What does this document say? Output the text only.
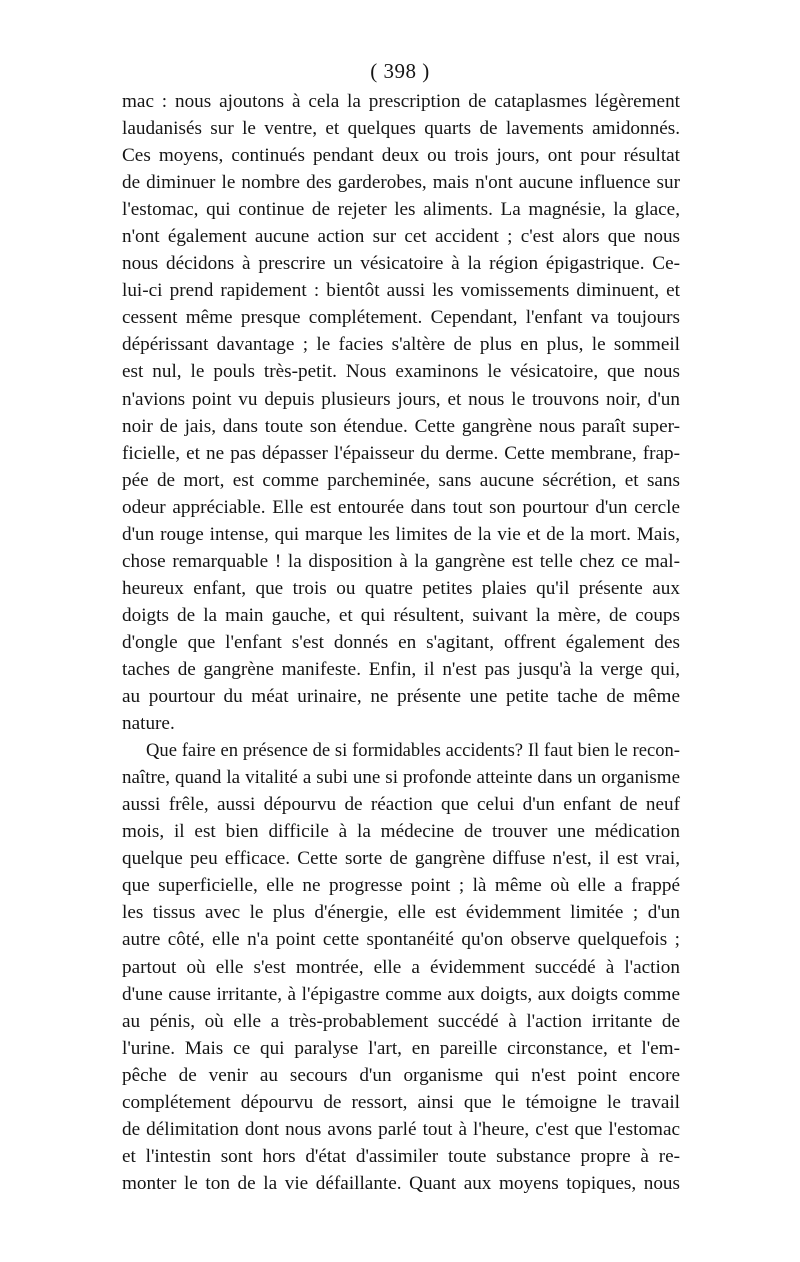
( 398 )
mac : nous ajoutons à cela la prescription de cataplasmes légèrement
laudanisés sur le ventre, et quelques quarts de lavements amidonnés.
Ces moyens, continués pendant deux ou trois jours, ont pour résultat
de diminuer le nombre des garderobes, mais n'ont aucune influence sur
l'estomac, qui continue de rejeter les aliments. La magnésie, la glace,
n'ont également aucune action sur cet accident ; c'est alors que nous
nous décidons à prescrire un vésicatoire à la région épigastrique. Ce-
lui-ci prend rapidement : bientôt aussi les vomissements diminuent, et
cessent même presque complétement. Cependant, l'enfant va toujours
dépérissant davantage ; le facies s'altère de plus en plus, le sommeil
est nul, le pouls très-petit. Nous examinons le vésicatoire, que nous
n'avions point vu depuis plusieurs jours, et nous le trouvons noir, d'un
noir de jais, dans toute son étendue. Cette gangrène nous paraît super-
ficielle, et ne pas dépasser l'épaisseur du derme. Cette membrane, frap-
pée de mort, est comme parcheminée, sans aucune sécrétion, et sans
odeur appréciable. Elle est entourée dans tout son pourtour d'un cercle
d'un rouge intense, qui marque les limites de la vie et de la mort. Mais,
chose remarquable ! la disposition à la gangrène est telle chez ce mal-
heureux enfant, que trois ou quatre petites plaies qu'il présente aux
doigts de la main gauche, et qui résultent, suivant la mère, de coups
d'ongle que l'enfant s'est donnés en s'agitant, offrent également des
taches de gangrène manifeste. Enfin, il n'est pas jusqu'à la verge qui,
au pourtour du méat urinaire, ne présente une petite tache de même
nature.
Que faire en présence de si formidables accidents? Il faut bien le recon-
naître, quand la vitalité a subi une si profonde atteinte dans un organisme
aussi frêle, aussi dépourvu de réaction que celui d'un enfant de neuf
mois, il est bien difficile à la médecine de trouver une médication
quelque peu efficace. Cette sorte de gangrène diffuse n'est, il est vrai,
que superficielle, elle ne progresse point ; là même où elle a frappé
les tissus avec le plus d'énergie, elle est évidemment limitée ; d'un
autre côté, elle n'a point cette spontanéité qu'on observe quelquefois ;
partout où elle s'est montrée, elle a évidemment succédé à l'action
d'une cause irritante, à l'épigastre comme aux doigts, aux doigts comme
au pénis, où elle a très-probablement succédé à l'action irritante de
l'urine. Mais ce qui paralyse l'art, en pareille circonstance, et l'em-
pêche de venir au secours d'un organisme qui n'est point encore
complétement dépourvu de ressort, ainsi que le témoigne le travail
de délimitation dont nous avons parlé tout à l'heure, c'est que l'estomac
et l'intestin sont hors d'état d'assimiler toute substance propre à re-
monter le ton de la vie défaillante. Quant aux moyens topiques, nous
